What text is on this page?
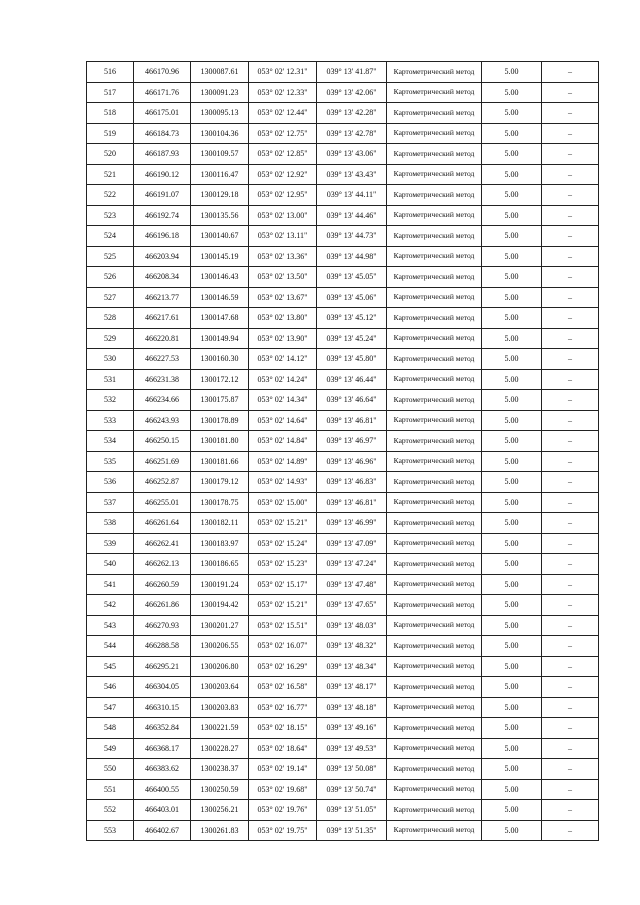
516	466170.96	1300087.61	053° 02' 12.31"	039° 13' 41.87"	Картометрический метод	5.00	–
517	466171.76	1300091.23	053° 02' 12.33"	039° 13' 42.06"	Картометрический метод	5.00	–
518	466175.01	1300095.13	053° 02' 12.44"	039° 13' 42.28"	Картометрический метод	5.00	–
519	466184.73	1300104.36	053° 02' 12.75"	039° 13' 42.78"	Картометрический метод	5.00	–
520	466187.93	1300109.57	053° 02' 12.85"	039° 13' 43.06"	Картометрический метод	5.00	–
521	466190.12	1300116.47	053° 02' 12.92"	039° 13' 43.43"	Картометрический метод	5.00	–
522	466191.07	1300129.18	053° 02' 12.95"	039° 13' 44.11"	Картометрический метод	5.00	–
523	466192.74	1300135.56	053° 02' 13.00"	039° 13' 44.46"	Картометрический метод	5.00	–
524	466196.18	1300140.67	053° 02' 13.11"	039° 13' 44.73"	Картометрический метод	5.00	–
525	466203.94	1300145.19	053° 02' 13.36"	039° 13' 44.98"	Картометрический метод	5.00	–
526	466208.34	1300146.43	053° 02' 13.50"	039° 13' 45.05"	Картометрический метод	5.00	–
527	466213.77	1300146.59	053° 02' 13.67"	039° 13' 45.06"	Картометрический метод	5.00	–
528	466217.61	1300147.68	053° 02' 13.80"	039° 13' 45.12"	Картометрический метод	5.00	–
529	466220.81	1300149.94	053° 02' 13.90"	039° 13' 45.24"	Картометрический метод	5.00	–
530	466227.53	1300160.30	053° 02' 14.12"	039° 13' 45.80"	Картометрический метод	5.00	–
531	466231.38	1300172.12	053° 02' 14.24"	039° 13' 46.44"	Картометрический метод	5.00	–
532	466234.66	1300175.87	053° 02' 14.34"	039° 13' 46.64"	Картометрический метод	5.00	–
533	466243.93	1300178.89	053° 02' 14.64"	039° 13' 46.81"	Картометрический метод	5.00	–
534	466250.15	1300181.80	053° 02' 14.84"	039° 13' 46.97"	Картометрический метод	5.00	–
535	466251.69	1300181.66	053° 02' 14.89"	039° 13' 46.96"	Картометрический метод	5.00	–
536	466252.87	1300179.12	053° 02' 14.93"	039° 13' 46.83"	Картометрический метод	5.00	–
537	466255.01	1300178.75	053° 02' 15.00"	039° 13' 46.81"	Картометрический метод	5.00	–
538	466261.64	1300182.11	053° 02' 15.21"	039° 13' 46.99"	Картометрический метод	5.00	–
539	466262.41	1300183.97	053° 02' 15.24"	039° 13' 47.09"	Картометрический метод	5.00	–
540	466262.13	1300186.65	053° 02' 15.23"	039° 13' 47.24"	Картометрический метод	5.00	–
541	466260.59	1300191.24	053° 02' 15.17"	039° 13' 47.48"	Картометрический метод	5.00	–
542	466261.86	1300194.42	053° 02' 15.21"	039° 13' 47.65"	Картометрический метод	5.00	–
543	466270.93	1300201.27	053° 02' 15.51"	039° 13' 48.03"	Картометрический метод	5.00	–
544	466288.58	1300206.55	053° 02' 16.07"	039° 13' 48.32"	Картометрический метод	5.00	–
545	466295.21	1300206.80	053° 02' 16.29"	039° 13' 48.34"	Картометрический метод	5.00	–
546	466304.05	1300203.64	053° 02' 16.58"	039° 13' 48.17"	Картометрический метод	5.00	–
547	466310.15	1300203.83	053° 02' 16.77"	039° 13' 48.18"	Картометрический метод	5.00	–
548	466352.84	1300221.59	053° 02' 18.15"	039° 13' 49.16"	Картометрический метод	5.00	–
549	466368.17	1300228.27	053° 02' 18.64"	039° 13' 49.53"	Картометрический метод	5.00	–
550	466383.62	1300238.37	053° 02' 19.14"	039° 13' 50.08"	Картометрический метод	5.00	–
551	466400.55	1300250.59	053° 02' 19.68"	039° 13' 50.74"	Картометрический метод	5.00	–
552	466403.01	1300256.21	053° 02' 19.76"	039° 13' 51.05"	Картометрический метод	5.00	–
553	466402.67	1300261.83	053° 02' 19.75"	039° 13' 51.35"	Картометрический метод	5.00	–
